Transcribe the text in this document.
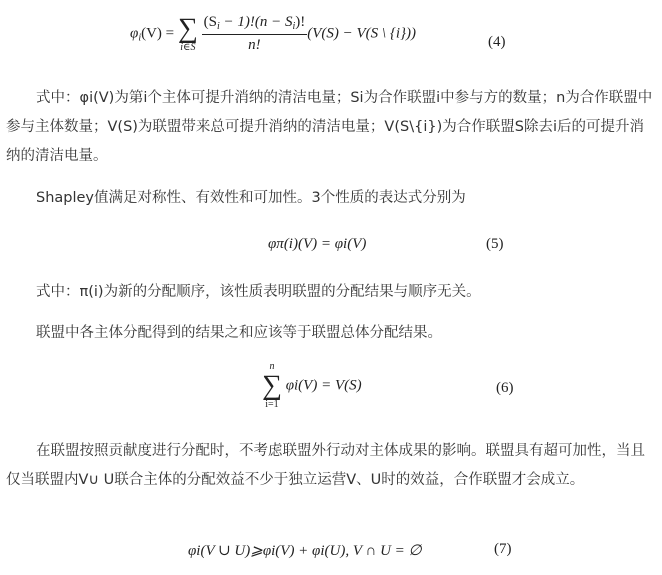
$\varphi_i(V)$ = ∑
i∈S
$\frac{(S_i - 1)!(n - S_i)!}{n!} (V(S) - V(S$ \ {i}))
(4)
式中：φi(V)为第i个主体可提升消纳的清洁电量；Si为合作联盟i中参与方的数量；n为合作联盟中参与主体数量；V(S)为联盟带来总可提升消纳的清洁电量；V(S\{i})为合作联盟S除去i后的可提升消纳的清洁电量。
Shapley值满足对称性、有效性和可加性。3个性质的表达式分别为
φπ(i)(V) = φi(V)	(5)
式中：π(i)为新的分配顺序，该性质表明联盟的分配结果与顺序无关。
联盟中各主体分配得到的结果之和应该等于联盟总体分配结果。
n
∑
i=1
φi(V) = V(S)	(6)
在联盟按照贡献度进行分配时，不考虑联盟外行动对主体成果的影响。联盟具有超可加性，当且仅当联盟内V∪ U联合主体的分配效益不少于独立运营V、U时的效益，合作联盟才会成立。
φi(V ∪ U)⩾φi(V) + φi(U), V ∩ U = ∅	(7)
